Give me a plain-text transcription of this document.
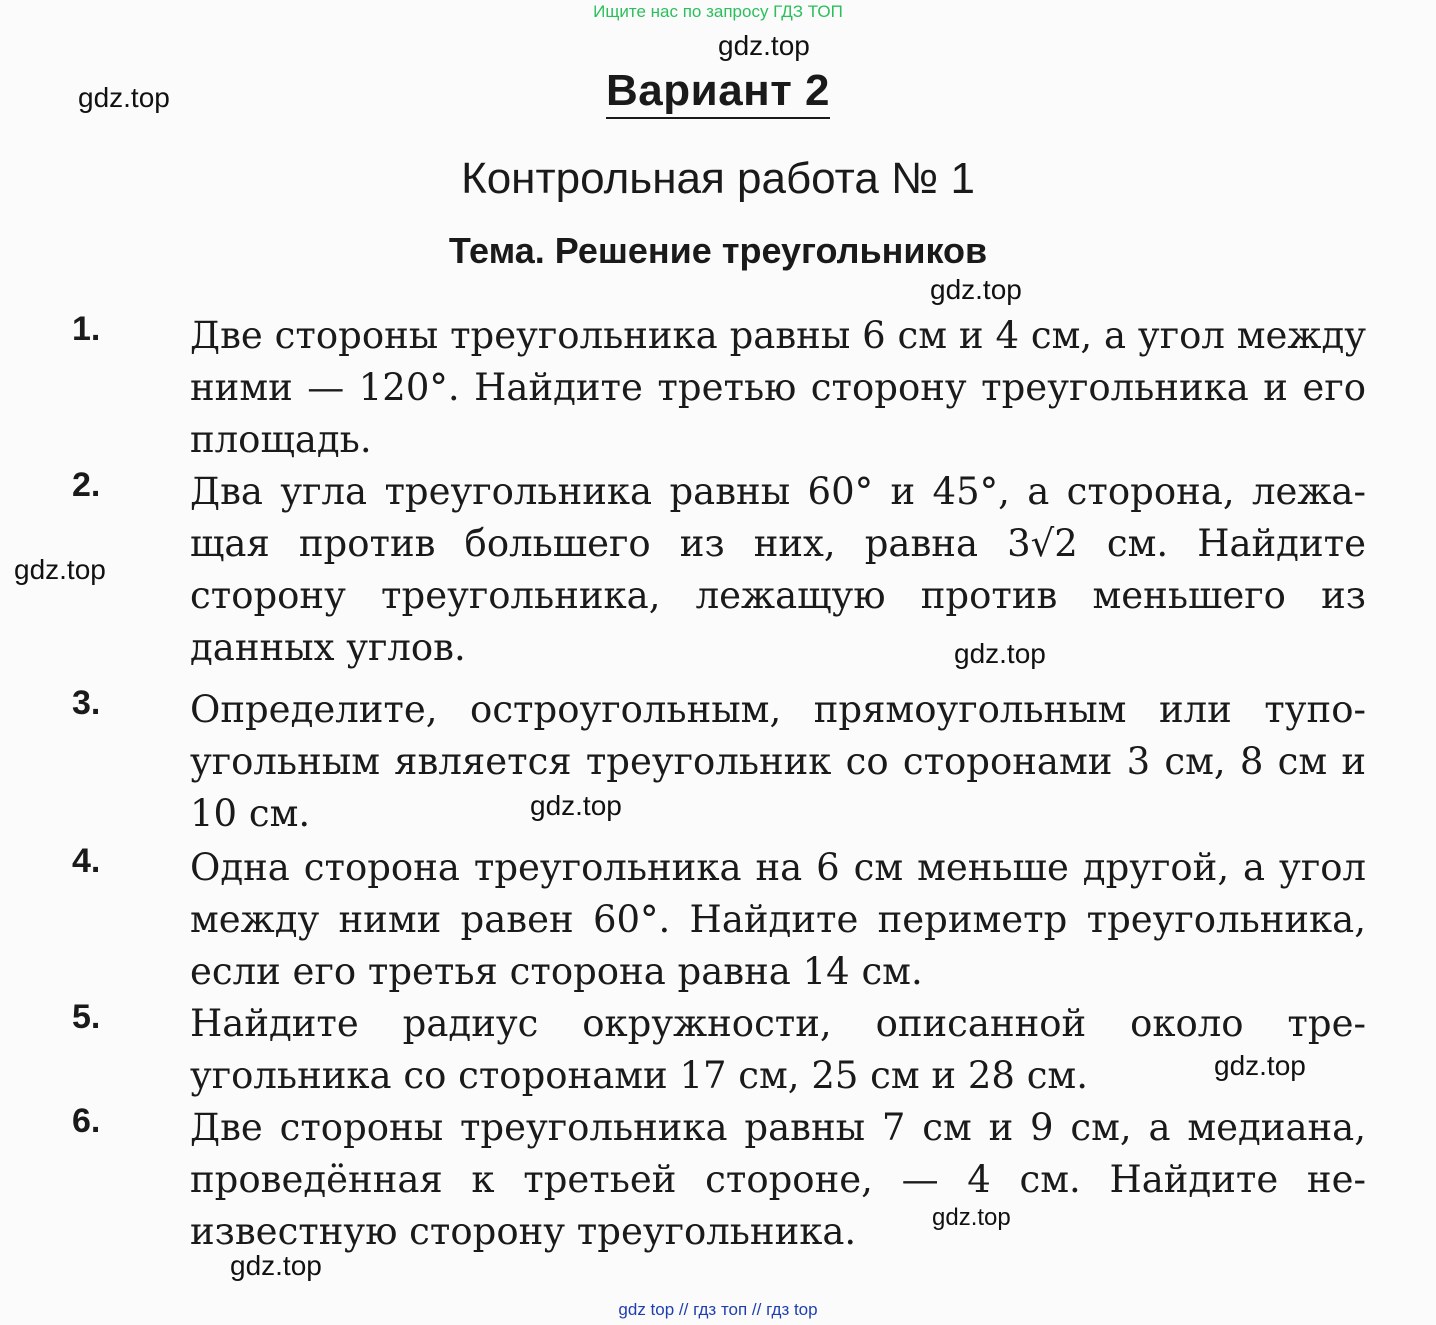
Ищите нас по запросу ГДЗ ТОП
gdz.top
gdz.top
gdz.top
gdz.top
gdz.top
gdz.top
gdz.top
gdz.top
gdz.top
Вариант 2
Контрольная работа № 1
Тема. Решение треугольников
1. Две стороны треугольника равны 6 см и 4 см, а угол между ними — 120°. Найдите третью сторону треугольника и его площадь.
2. Два угла треугольника равны 60° и 45°, а сторона, лежащая против большего из них, равна 3√2 см. Найдите сторону треугольника, лежащую против меньшего из данных углов.
3. Определите, остроугольным, прямоугольным или тупоугольным является треугольник со сторонами 3 см, 8 см и 10 см.
4. Одна сторона треугольника на 6 см меньше другой, а угол между ними равен 60°. Найдите периметр треугольника, если его третья сторона равна 14 см.
5. Найдите радиус окружности, описанной около треугольника со сторонами 17 см, 25 см и 28 см.
6. Две стороны треугольника равны 7 см и 9 см, а медиана, проведённая к третьей стороне, — 4 см. Найдите неизвестную сторону треугольника.
gdz top // гдз топ // гдз top
